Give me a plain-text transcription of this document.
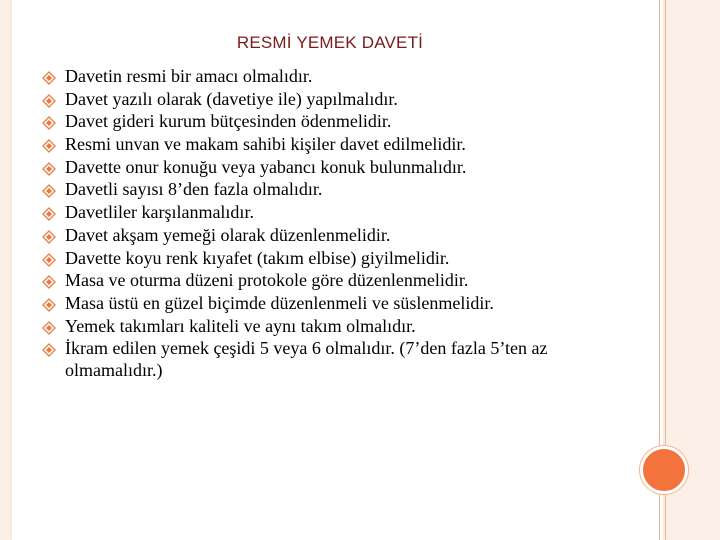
RESMİ YEMEK DAVETİ
Davetin resmi bir amacı olmalıdır.
Davet yazılı olarak (davetiye ile) yapılmalıdır.
Davet gideri kurum bütçesinden ödenmelidir.
Resmi unvan ve makam sahibi kişiler davet edilmelidir.
Davette onur konuğu veya yabancı konuk bulunmalıdır.
Davetli sayısı 8’den fazla olmalıdır.
Davetliler karşılanmalıdır.
Davet akşam yemeği olarak düzenlenmelidir.
Davette koyu renk kıyafet (takım elbise) giyilmelidir.
Masa ve oturma düzeni protokole göre düzenlenmelidir.
Masa üstü en güzel biçimde düzenlenmeli ve süslenmelidir.
Yemek takımları kaliteli ve aynı takım olmalıdır.
İkram edilen yemek çeşidi 5 veya 6 olmalıdır. (7’den fazla 5’ten az olmamalıdır.)
